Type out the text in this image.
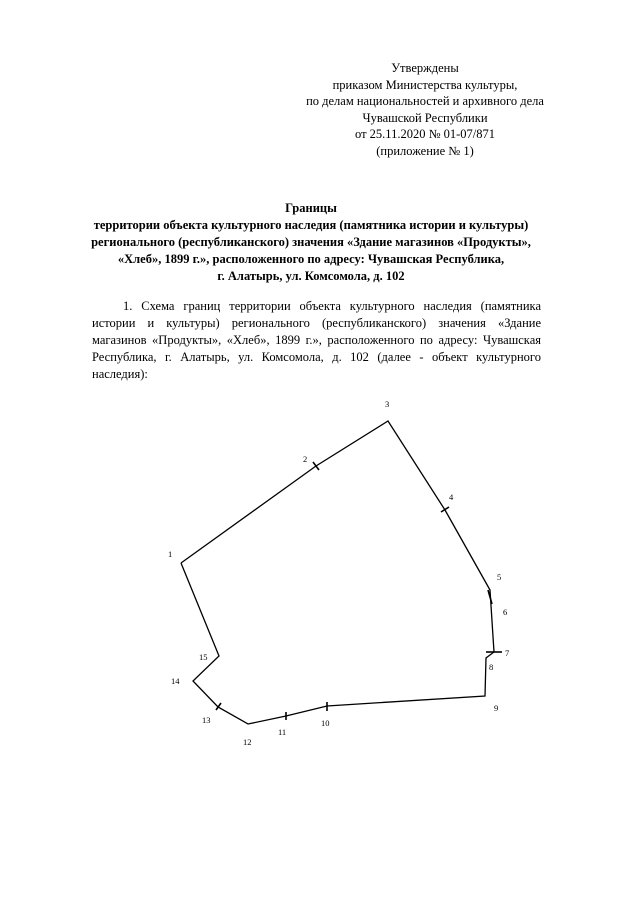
Утверждены
приказом Министерства культуры,
по делам национальностей и архивного дела
Чувашской Республики
от 25.11.2020 № 01-07/871
(приложение № 1)
Границы
территории объекта культурного наследия (памятника истории и культуры)
регионального (республиканского) значения «Здание магазинов «Продукты»,
«Хлеб», 1899 г.», расположенного по адресу: Чувашская Республика,
г. Алатырь, ул. Комсомола, д. 102
1. Схема границ территории объекта культурного наследия (памятника истории и культуры) регионального (республиканского) значения «Здание магазинов «Продукты», «Хлеб», 1899 г.», расположенного по адресу: Чувашская Республика, г. Алатырь, ул. Комсомола, д. 102 (далее - объект культурного наследия):
1
2
3
4
5
6
7
8
9
10
11
12
13
14
15
